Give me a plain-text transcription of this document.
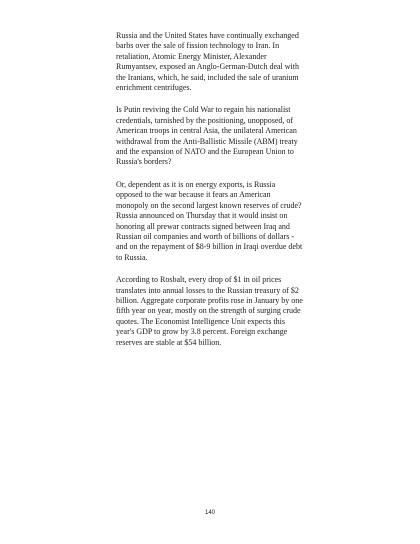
Russia and the United States have continually exchanged
barbs over the sale of fission technology to Iran. In
retaliation, Atomic Energy Minister, Alexander
Rumyantsev, exposed an Anglo-German-Dutch deal with
the Iranians, which, he said, included the sale of uranium
enrichment centrifuges.

Is Putin reviving the Cold War to regain his nationalist
credentials, tarnished by the positioning, unopposed, of
American troops in central Asia, the unilateral American
withdrawal from the Anti-Ballistic Missile (ABM) treaty
and the expansion of NATO and the European Union to
Russia's borders?

Or, dependent as it is on energy exports, is Russia
opposed to the war because it fears an American
monopoly on the second largest known reserves of crude?
Russia announced on Thursday that it would insist on
honoring all prewar contracts signed between Iraq and
Russian oil companies and worth of billions of dollars -
and on the repayment of $8-9 billion in Iraqi overdue debt
to Russia.

According to Rosbalt, every drop of $1 in oil prices
translates into annual losses to the Russian treasury of $2
billion. Aggregate corporate profits rose in January by one
fifth year on year, mostly on the strength of surging crude
quotes. The Economist Intelligence Unit expects this
year's GDP to grow by 3.8 percent. Foreign exchange
reserves are stable at $54 billion.

140
